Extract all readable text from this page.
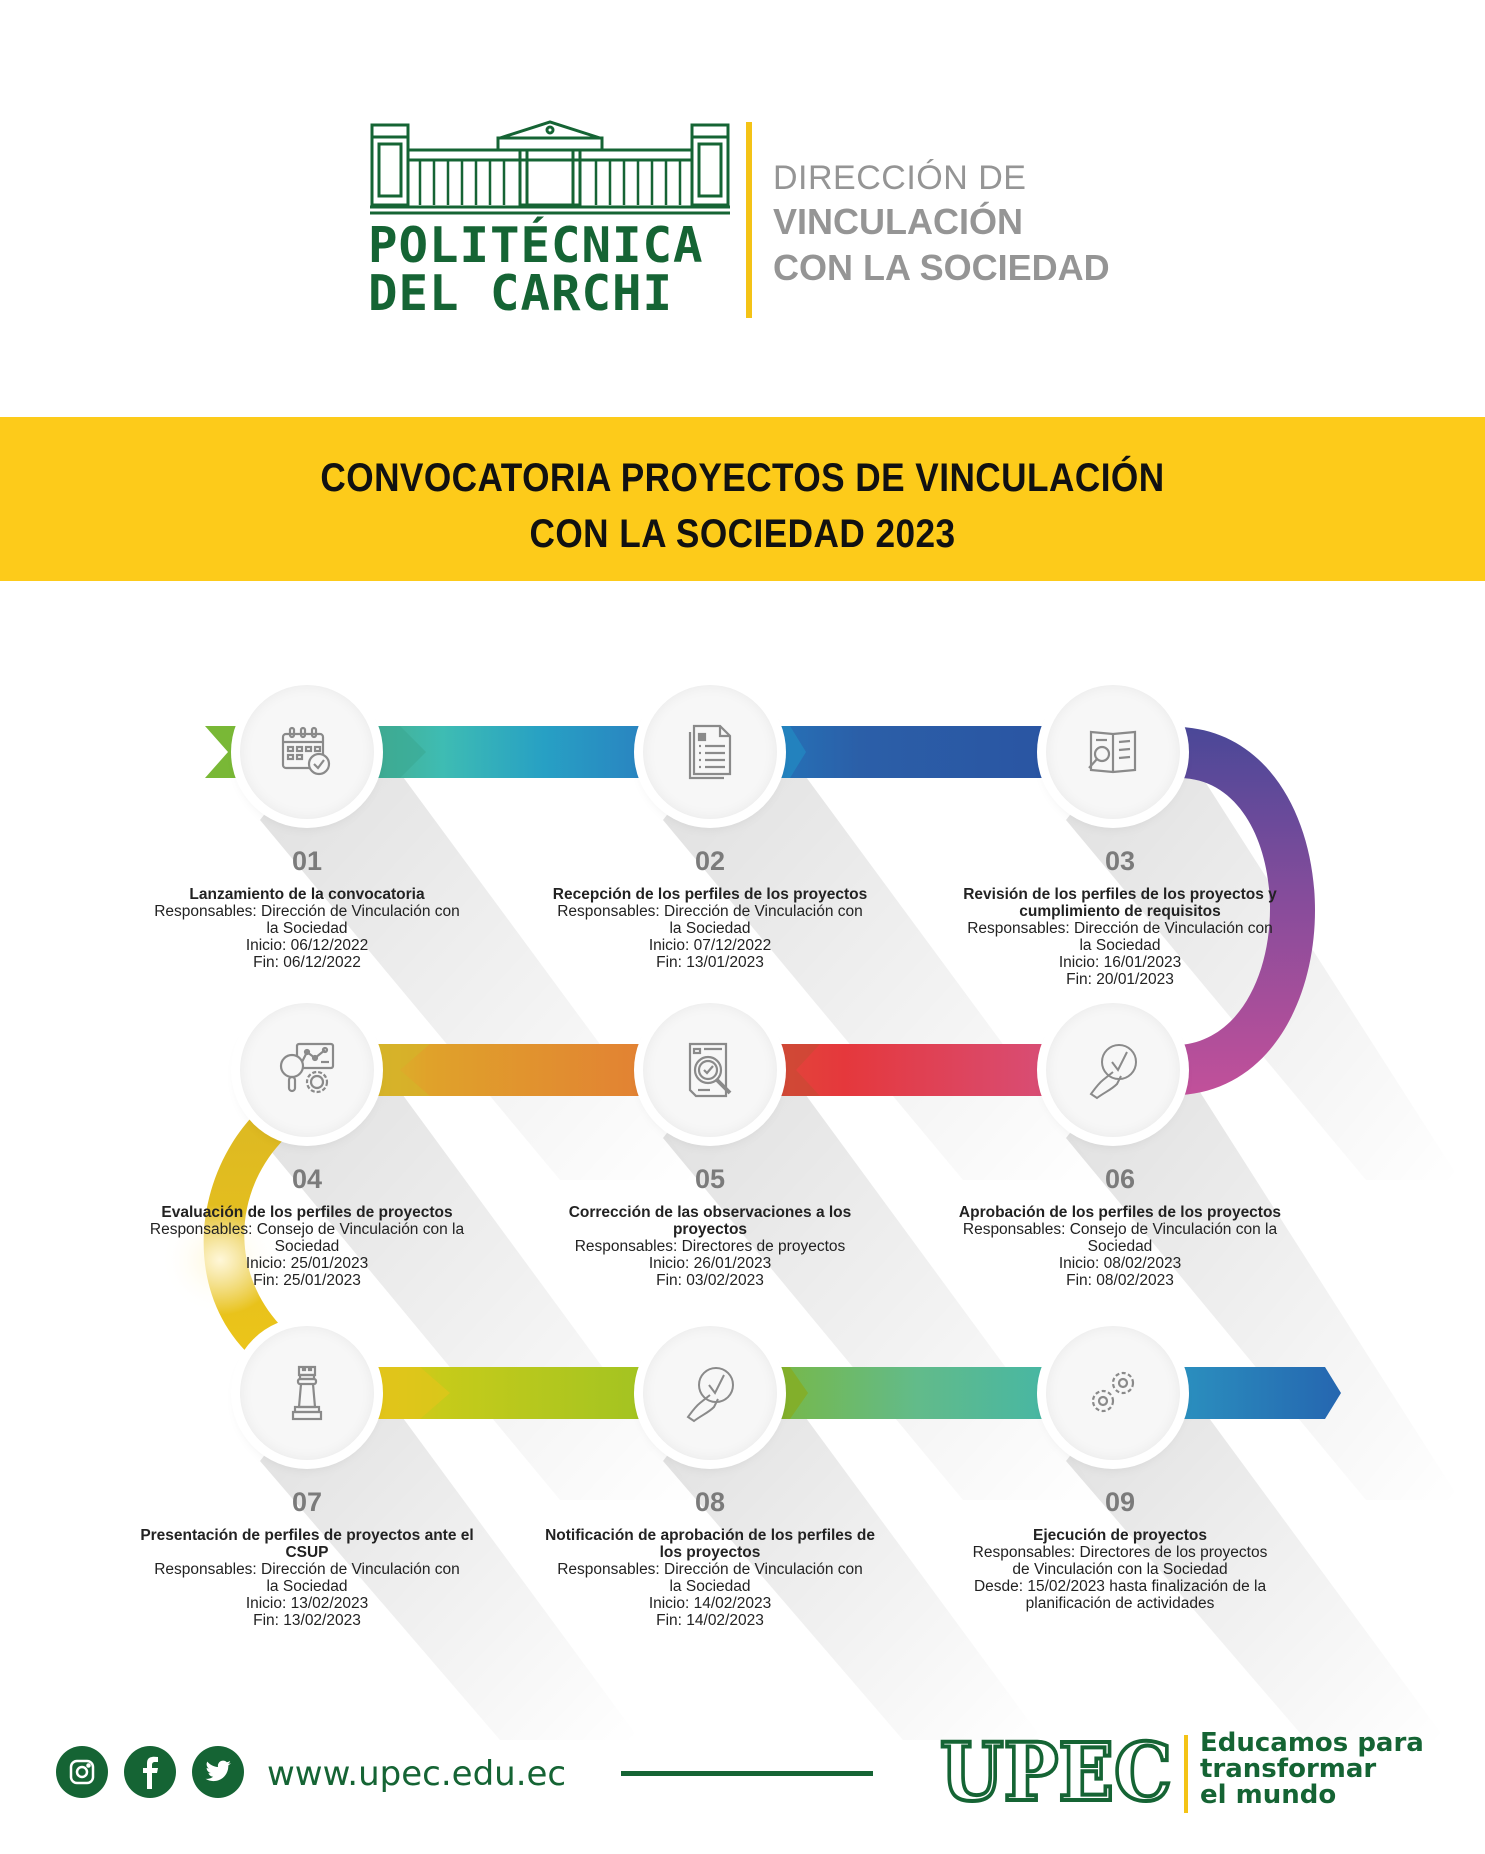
POLITÉCNICA
DEL CARCHI
DIRECCIÓN DE
VINCULACIÓN
CON LA SOCIEDAD
CONVOCATORIA PROYECTOS DE VINCULACIÓN
CON LA SOCIEDAD 2023
01
Lanzamiento de la convocatoria
Responsables: Dirección de Vinculación con
la Sociedad
Inicio: 06/12/2022
Fin: 06/12/2022
02
Recepción de los perfiles de los proyectos
Responsables: Dirección de Vinculación con
la Sociedad
Inicio: 07/12/2022
Fin: 13/01/2023
03
Revisión de los perfiles de los proyectos y cumplimiento de requisitos
Responsables: Dirección de Vinculación con
la Sociedad
Inicio: 16/01/2023
Fin: 20/01/2023
04
Evaluación de los perfiles de proyectos
Responsables: Consejo de Vinculación con la
Sociedad
Inicio: 25/01/2023
Fin: 25/01/2023
05
Corrección de las observaciones a los proyectos
Responsables: Directores de proyectos
Inicio: 26/01/2023
Fin: 03/02/2023
06
Aprobación de los perfiles de los proyectos
Responsables: Consejo de Vinculación con la
Sociedad
Inicio: 08/02/2023
Fin: 08/02/2023
07
Presentación de perfiles de proyectos ante el CSUP
Responsables: Dirección de Vinculación con
la Sociedad
Inicio: 13/02/2023
Fin: 13/02/2023
08
Notificación de aprobación de los perfiles de los proyectos
Responsables: Dirección de Vinculación con
la Sociedad
Inicio: 14/02/2023
Fin: 14/02/2023
09
Ejecución de proyectos
Responsables: Directores de los proyectos
de Vinculación con la Sociedad
Desde: 15/02/2023 hasta finalización de la
planificación de actividades
www.upec.edu.ec	UPEC Educamos para
transformar
el mundo
